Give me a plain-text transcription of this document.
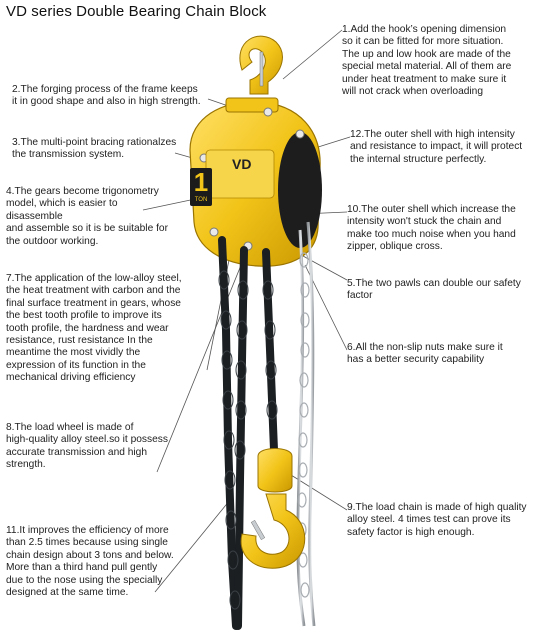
1
TON
VD
VD series Double Bearing Chain Block
1.Add the hook’s opening dimension
so it can be fitted for more situation.
The up and low hook are made of the
special metal material. All of them are
under heat treatment to make sure it
will not crack when overloading
2.The forging process of the frame keeps
it in good shape and also in high strength.
3.The multi-point bracing rationalzes
the transmission system.
4.The gears become trigonometry
model, which is easier to disassemble
and assemble so it is be suitable for
the outdoor working.
12.The outer shell with high intensity
and resistance to impact, it will protect
the internal structure perfectly.
10.The outer shell which increase the
intensity won't stuck the chain and
make too much noise when you hand
zipper, oblique cross.
5.The two pawls can double our safety
factor
6.All the non-slip nuts make sure it
has a better security capability
7.The application of the low-alloy steel,
the heat treatment with carbon and the
final surface treatment in gears, whose
the best tooth profile to improve its
tooth profile, the hardness and wear
resistance, rust resistance In the
meantime the most vividly the
expression of its function in the
mechanical driving efficiency
8.The load wheel is made of
high-quality alloy steel.so it possess
accurate transmission and high
strength.
9.The load chain is made of high quality
alloy steel. 4 times test can prove its
safety factor is high enough.
11.It improves the efficiency of more
than 2.5 times because using single
chain design about 3 tons and below.
More than a third hand pull gently
due to the nose using the specially
designed at the same time.
